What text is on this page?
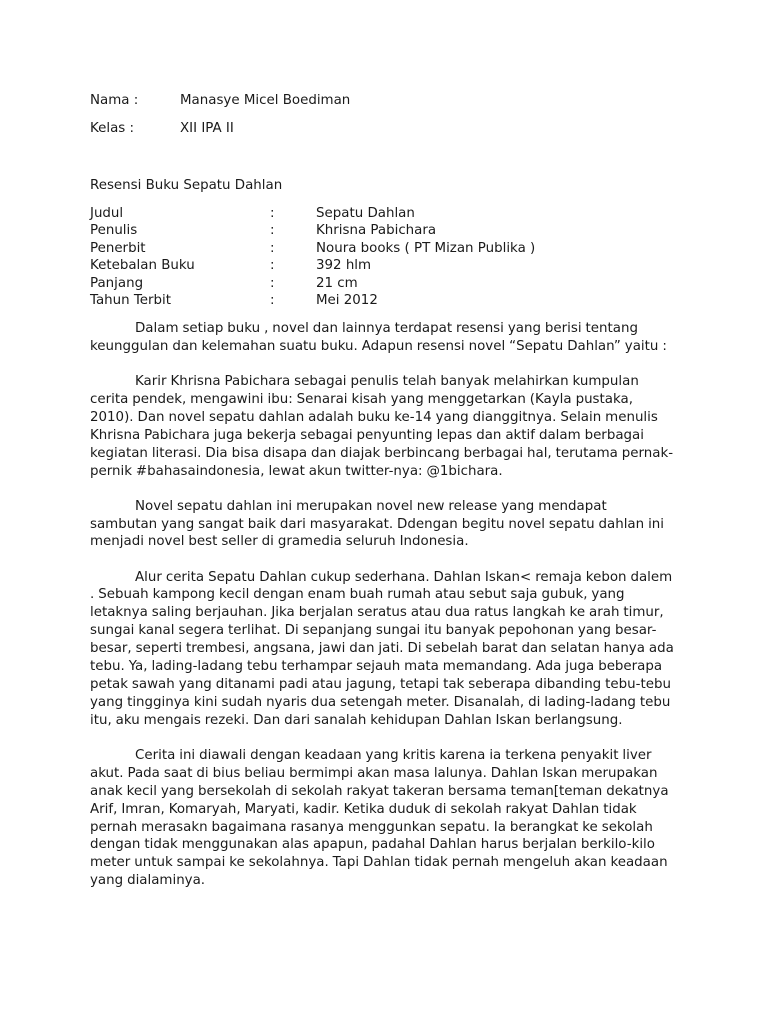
Nama :	Manasye Micel Boediman
Kelas :	XII IPA II
Resensi Buku Sepatu Dahlan
Judul	:	Sepatu Dahlan
Penulis	:	Khrisna Pabichara
Penerbit	:	Noura books ( PT Mizan Publika )
Ketebalan Buku	:	392 hlm
Panjang	:	21 cm
Tahun Terbit	:	Mei 2012

Dalam setiap buku , novel dan lainnya terdapat resensi yang berisi tentang keunggulan dan kelemahan suatu buku. Adapun resensi novel “Sepatu Dahlan” yaitu :

Karir Khrisna Pabichara sebagai penulis telah banyak melahirkan kumpulan cerita pendek, mengawini ibu: Senarai kisah yang menggetarkan (Kayla pustaka, 2010). Dan novel sepatu dahlan adalah buku ke-14 yang dianggitnya. Selain menulis Khrisna Pabichara juga bekerja sebagai penyunting lepas dan aktif dalam berbagai kegiatan literasi. Dia bisa disapa dan diajak berbincang berbagai hal, terutama pernak-pernik #bahasaindonesia, lewat akun twitter-nya: @1bichara.

Novel sepatu dahlan ini merupakan novel new release yang mendapat sambutan yang sangat baik dari masyarakat. Ddengan begitu novel sepatu dahlan ini menjadi novel best seller di gramedia seluruh Indonesia.

Alur cerita Sepatu Dahlan cukup sederhana. Dahlan Iskan< remaja kebon dalem . Sebuah kampong kecil dengan enam buah rumah atau sebut saja gubuk, yang letaknya saling berjauhan. Jika berjalan seratus atau dua ratus langkah ke arah timur, sungai kanal segera terlihat. Di sepanjang sungai itu banyak pepohonan yang besar-besar, seperti trembesi, angsana, jawi dan jati. Di sebelah barat dan selatan hanya ada tebu. Ya, lading-ladang tebu terhampar sejauh mata memandang. Ada juga beberapa petak sawah yang ditanami padi atau jagung, tetapi tak seberapa dibanding tebu-tebu yang tingginya kini sudah nyaris dua setengah meter. Disanalah, di lading-ladang tebu itu, aku mengais rezeki. Dan dari sanalah kehidupan Dahlan Iskan berlangsung.

Cerita ini diawali dengan keadaan yang kritis karena ia terkena penyakit liver akut. Pada saat di bius beliau bermimpi akan masa lalunya. Dahlan Iskan merupakan anak kecil yang bersekolah di sekolah rakyat takeran bersama teman[teman dekatnya Arif, Imran, Komaryah, Maryati, kadir. Ketika duduk di sekolah rakyat Dahlan tidak pernah merasakn bagaimana rasanya menggunkan sepatu. Ia berangkat ke sekolah dengan tidak menggunakan alas apapun, padahal Dahlan harus berjalan berkilo-kilo meter untuk sampai ke sekolahnya. Tapi Dahlan tidak pernah mengeluh akan keadaan yang dialaminya.
